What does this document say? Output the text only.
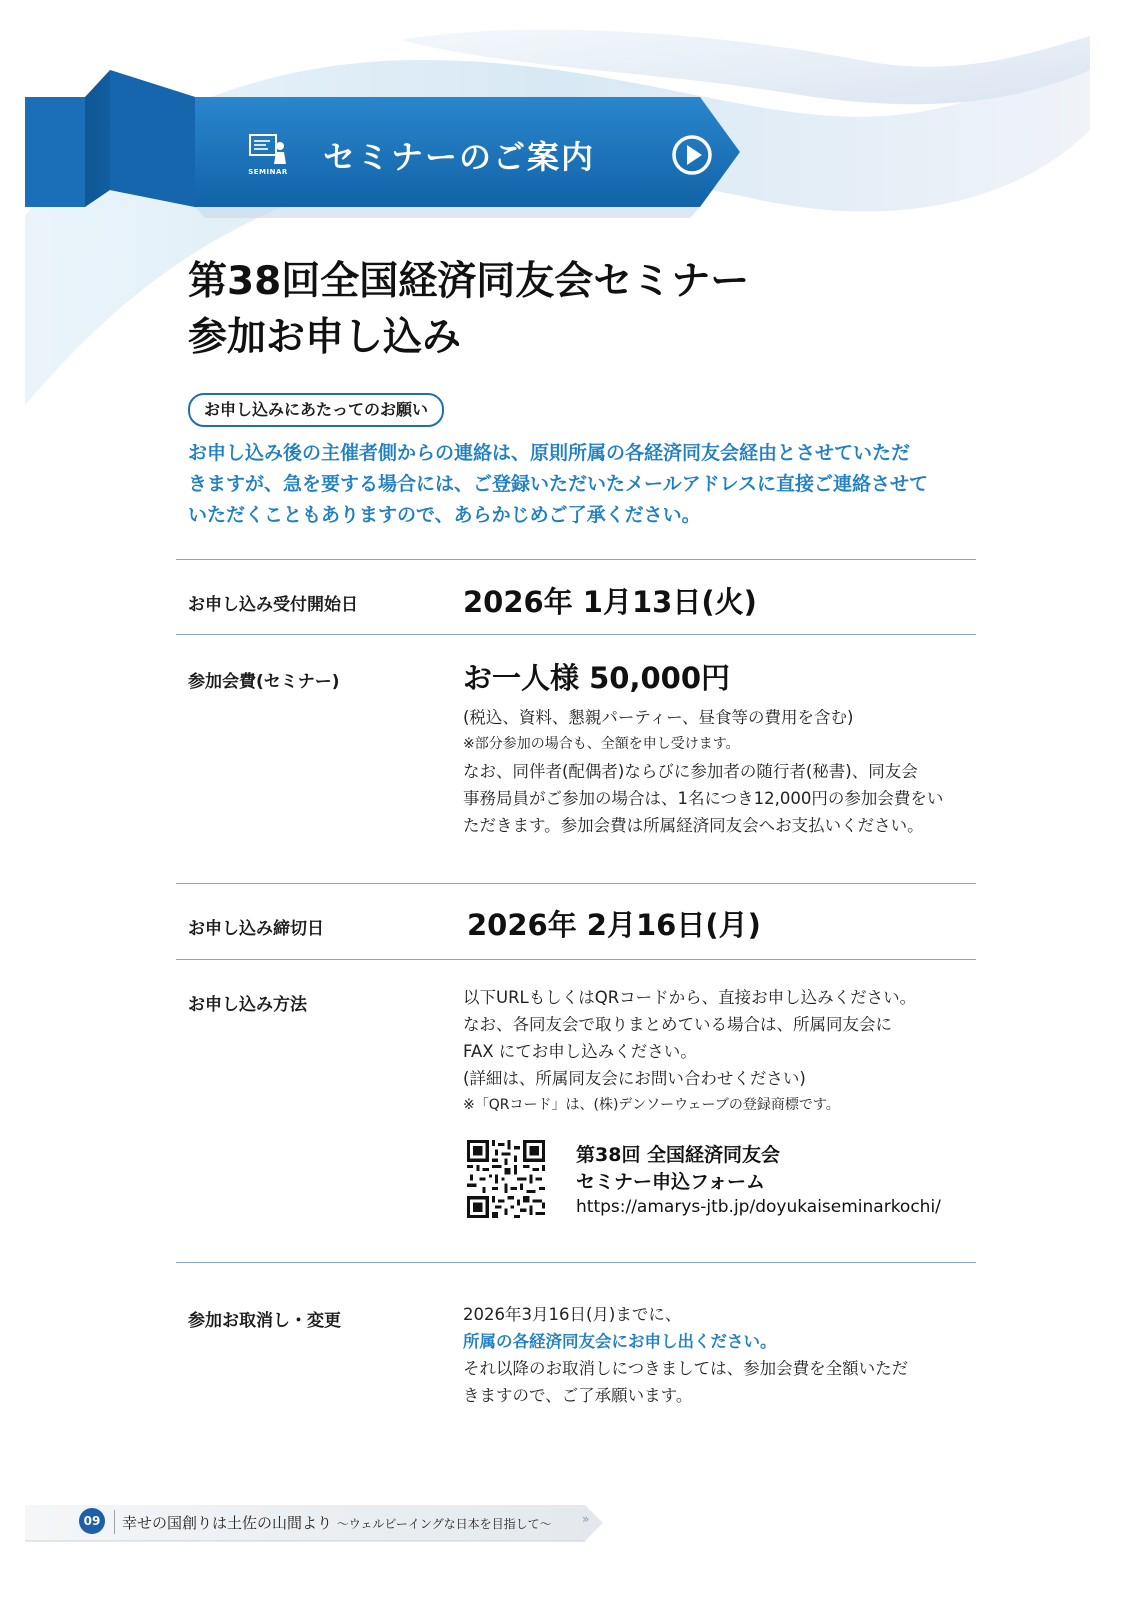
SEMINAR セミナーのご案内
第38回全国経済同友会セミナー
参加お申し込み
お申し込みにあたってのお願い
お申し込み後の主催者側からの連絡は、原則所属の各経済同友会経由とさせていただ
きますが、急を要する場合には、ご登録いただいたメールアドレスに直接ご連絡させて
いただくこともありますので、あらかじめご了承ください。
お申し込み受付開始日	2026年 1月13日(火)
参加会費(セミナー)	お一人様 50,000円
(税込、資料、懇親パーティー、昼食等の費用を含む)
※部分参加の場合も、全額を申し受けます。
なお、同伴者(配偶者)ならびに参加者の随行者(秘書)、同友会
事務局員がご参加の場合は、1名につき12,000円の参加会費をい
ただきます。参加会費は所属経済同友会へお支払いください。
お申し込み締切日	2026年 2月16日(月)
お申し込み方法	以下URLもしくはQRコードから、直接お申し込みください。
なお、各同友会で取りまとめている場合は、所属同友会に
FAX にてお申し込みください。
(詳細は、所属同友会にお問い合わせください)
※「QRコード」は、(株)デンソーウェーブの登録商標です。
第38回 全国経済同友会
セミナー申込フォーム
https://amarys-jtb.jp/doyukaiseminarkochi/
参加お取消し・変更	2026年3月16日(月)までに、
所属の各経済同友会にお申し出ください。
それ以降のお取消しにつきましては、参加会費を全額いただ
きますので、ご了承願います。
09	幸せの国創りは土佐の山間より 〜ウェルビーイングな日本を目指して〜	»
